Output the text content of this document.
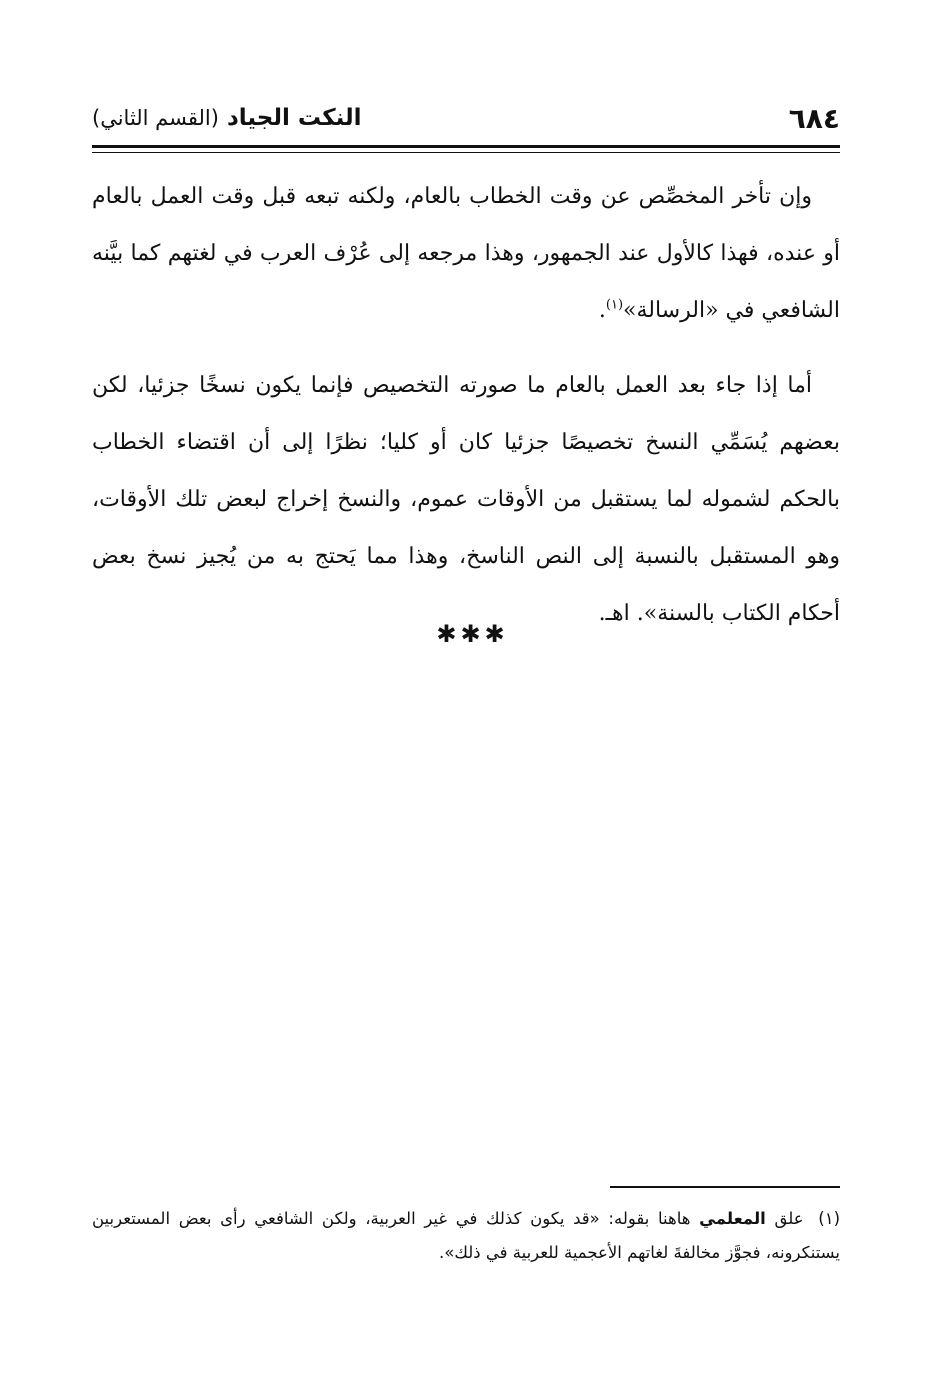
٦٨٤
النكت الجياد
(القسم الثاني)

وإن تأخر المخصِّص عن وقت الخطاب بالعام، ولكنه تبعه قبل وقت العمل بالعام أو عنده، فهذا كالأول عند الجمهور، وهذا مرجعه إلى عُرْف العرب في لغتهم كما بيَّنه الشافعي في «الرسالة»$^{(١)}$.

أما إذا جاء بعد العمل بالعام ما صورته التخصيص فإنما يكون نسخًا جزئيا، لكن بعضهم يُسَمِّي النسخ تخصيصًا جزئيا كان أو كليا؛ نظرًا إلى أن اقتضاء الخطاب بالحكم لشموله لما يستقبل من الأوقات عموم، والنسخ إخراج لبعض تلك الأوقات، وهو المستقبل بالنسبة إلى النص الناسخ، وهذا مما يَحتج به من يُجيز نسخ بعض أحكام الكتاب بالسنة». اهـ.

✱✱✱
(١) علق المعلمي هاهنا بقوله: «قد يكون كذلك في غير العربية، ولكن الشافعي رأى بعض المستعربين يستنكرونه، فجوَّز مخالفةَ لغاتهم الأعجمية للعربية في ذلك».
